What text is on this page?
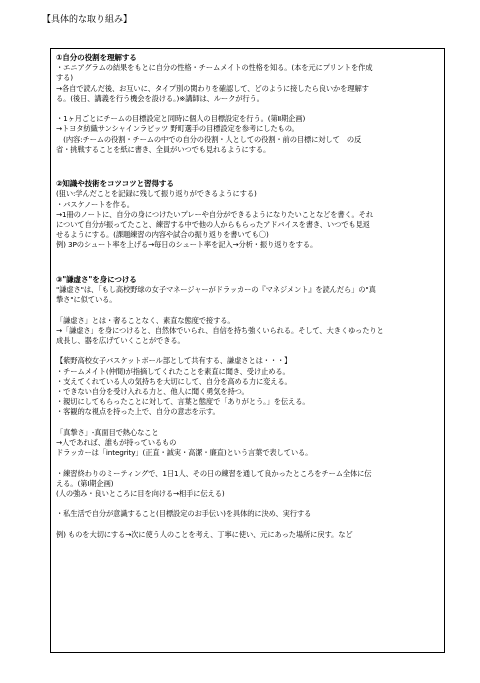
【具体的な取り組み】
①自分の役割を理解する
・エニアグラムの結果をもとに自分の性格・チームメイトの性格を知る。(本を元にプリントを作成
する)
→各自で読んだ後、お互いに、タイプ別の関わりを確認して、どのように接したら良いかを理解す
る。(後日、講義を行う機会を設ける。)※講師は、ルークが行う。
・1ヶ月ごとにチームの目標設定と同時に個人の目標設定を行う。(第Ⅱ期企画)
→トヨタ紡織サンシャインラビッツ 野町選手の目標設定を参考にしたもの。
　(内容:チームの役割・チームの中での自分の役割・人としての役割・前の目標に対して　の反
省・挑戦することを紙に書き、全員がいつでも見れるようにする。
②知識や技術をコツコツと習得する
(狙い:学んだことを記録に残して振り返りができるようにする)
・バスケノートを作る。
→1冊のノートに、自分の身につけたいプレーや自分ができるようになりたいことなどを書く。それ
について自分が振ってたこと、練習する中で他の人からもらったアドバイスを書き、いつでも見返
せるようにする。(課題練習の内容や試合の振り返りを書いても〇)
例) 3Pのシュート率を上げる→毎日のシュート率を記入→分析・振り返りをする。
③"謙虚さ"を身につける
"謙虚さ"は、「もし高校野球の女子マネージャーがドラッカーの『マネジメント』を読んだら」の"真
摯さ"に似ている。
「謙虚さ」とは・奢ることなく、素直な態度で接する。
→「謙虚さ」を身につけると、自然体でいられ、自信を持ち強くいられる。そして、大きくゆったりと
成長し、器を広げていくことができる。
【紫野高校女子バスケットボール部として共有する、謙虚さとは・・・】
・チームメイト(仲間)が指摘してくれたことを素直に聞き、受け止める。
・支えてくれている人の気持ちを大切にして、自分を高める力に変える。
・できない自分を受け入れる力と、他人に聞く勇気を持つ。
・親切にしてもらったことに対して、言葉と態度で「ありがとう。」を伝える。
・客観的な視点を持った上で、自分の意志を示す。
「真摯さ」-真面目で熱心なこと
→人であれば、誰もが持っているもの
ドラッカーは「integrity」(正直・誠実・高潔・廉直)という言葉で表している。
・練習終わりのミーティングで、1日1人、その日の練習を通して良かったところをチーム全体に伝
える。(第Ⅰ期企画)
(人の強み・良いところに目を向ける→相手に伝える)
・私生活で自分が意識すること(目標設定のお手伝い)を具体的に決め、実行する
例) ものを大切にする→次に使う人のことを考え、丁寧に使い、元にあった場所に戻す。など
